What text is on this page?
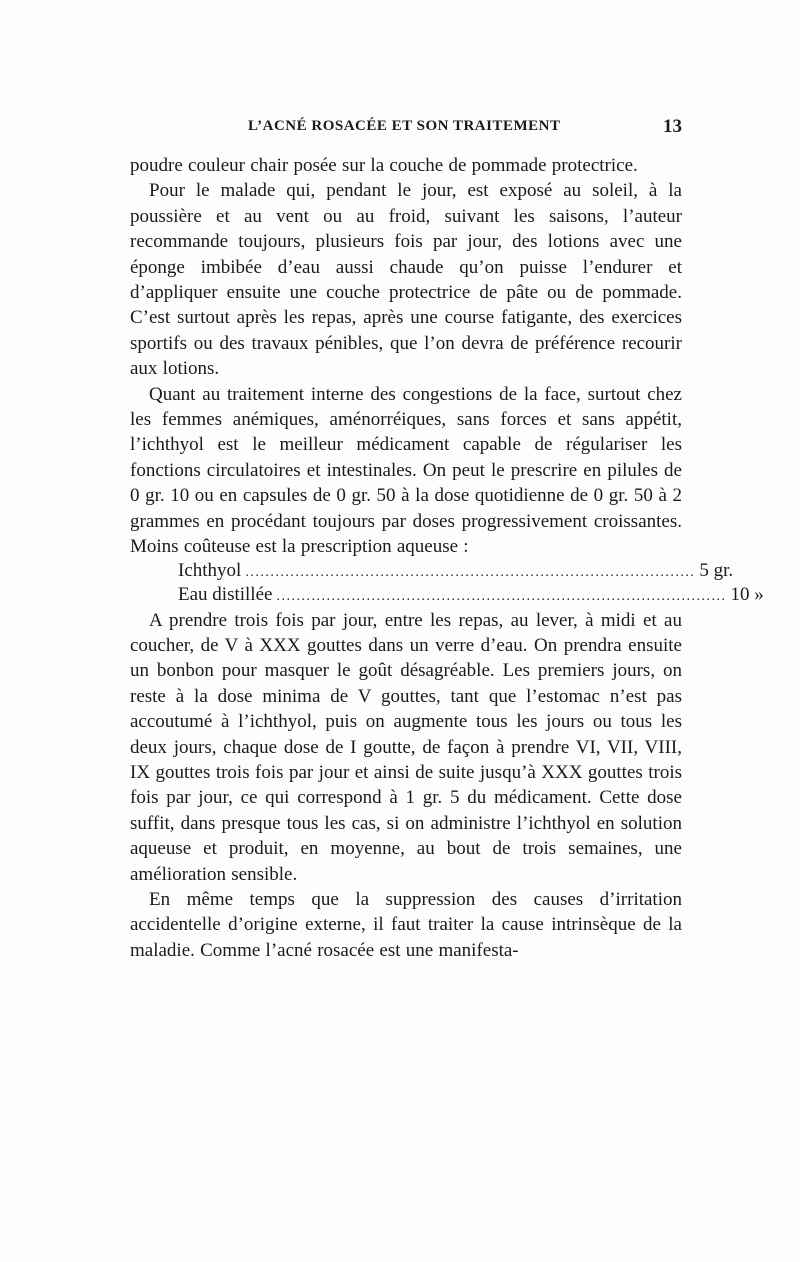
L’ACNÉ ROSACÉE ET SON TRAITEMENT	13

poudre couleur chair posée sur la couche de pommade protectrice.

Pour le malade qui, pendant le jour, est exposé au soleil, à la poussière et au vent ou au froid, suivant les saisons, l’auteur recommande toujours, plusieurs fois par jour, des lotions avec une éponge imbibée d’eau aussi chaude qu’on puisse l’endurer et d’appliquer ensuite une couche protectrice de pâte ou de pommade. C’est surtout après les repas, après une course fatigante, des exercices sportifs ou des travaux pénibles, que l’on devra de préférence recourir aux lotions.

Quant au traitement interne des congestions de la face, surtout chez les femmes anémiques, aménorréiques, sans forces et sans appétit, l’ichthyol est le meilleur médicament capable de régulariser les fonctions circulatoires et intestinales. On peut le prescrire en pilules de 0 gr. 10 ou en capsules de 0 gr. 50 à la dose quotidienne de 0 gr. 50 à 2 grammes en procédant toujours par doses progressivement croissantes. Moins coûteuse est la prescription aqueuse :

Ichthyol .......................................................................................... 5 gr.
Eau distillée .......................................................................................... 10 »

A prendre trois fois par jour, entre les repas, au lever, à midi et au coucher, de V à XXX gouttes dans un verre d’eau. On prendra ensuite un bonbon pour masquer le goût désagréable. Les premiers jours, on reste à la dose minima de V gouttes, tant que l’estomac n’est pas accoutumé à l’ichthyol, puis on augmente tous les jours ou tous les deux jours, chaque dose de I goutte, de façon à prendre VI, VII, VIII, IX gouttes trois fois par jour et ainsi de suite jusqu’à XXX gouttes trois fois par jour, ce qui correspond à 1 gr. 5 du médicament. Cette dose suffit, dans presque tous les cas, si on administre l’ichthyol en solution aqueuse et produit, en moyenne, au bout de trois semaines, une amélioration sensible.

En même temps que la suppression des causes d’irritation accidentelle d’origine externe, il faut traiter la cause intrinsèque de la maladie. Comme l’acné rosacée est une manifesta-
